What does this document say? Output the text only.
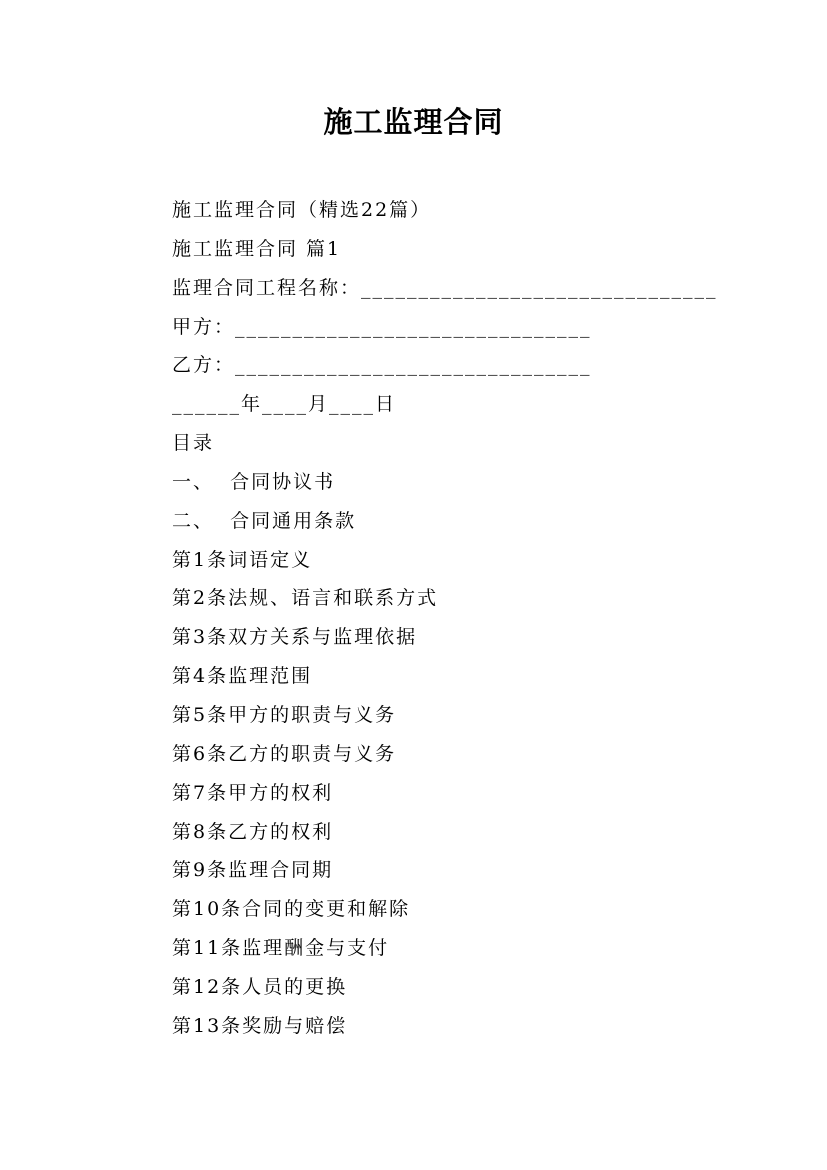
施工监理合同
施工监理合同（精选22篇）
施工监理合同 篇1
监理合同工程名称：_______________________________
甲方：_______________________________
乙方：_______________________________
______年____月____日
目录
一、  合同协议书
二、  合同通用条款
第1条词语定义
第2条法规、语言和联系方式
第3条双方关系与监理依据
第4条监理范围
第5条甲方的职责与义务
第6条乙方的职责与义务
第7条甲方的权利
第8条乙方的权利
第9条监理合同期
第10条合同的变更和解除
第11条监理酬金与支付
第12条人员的更换
第13条奖励与赔偿
